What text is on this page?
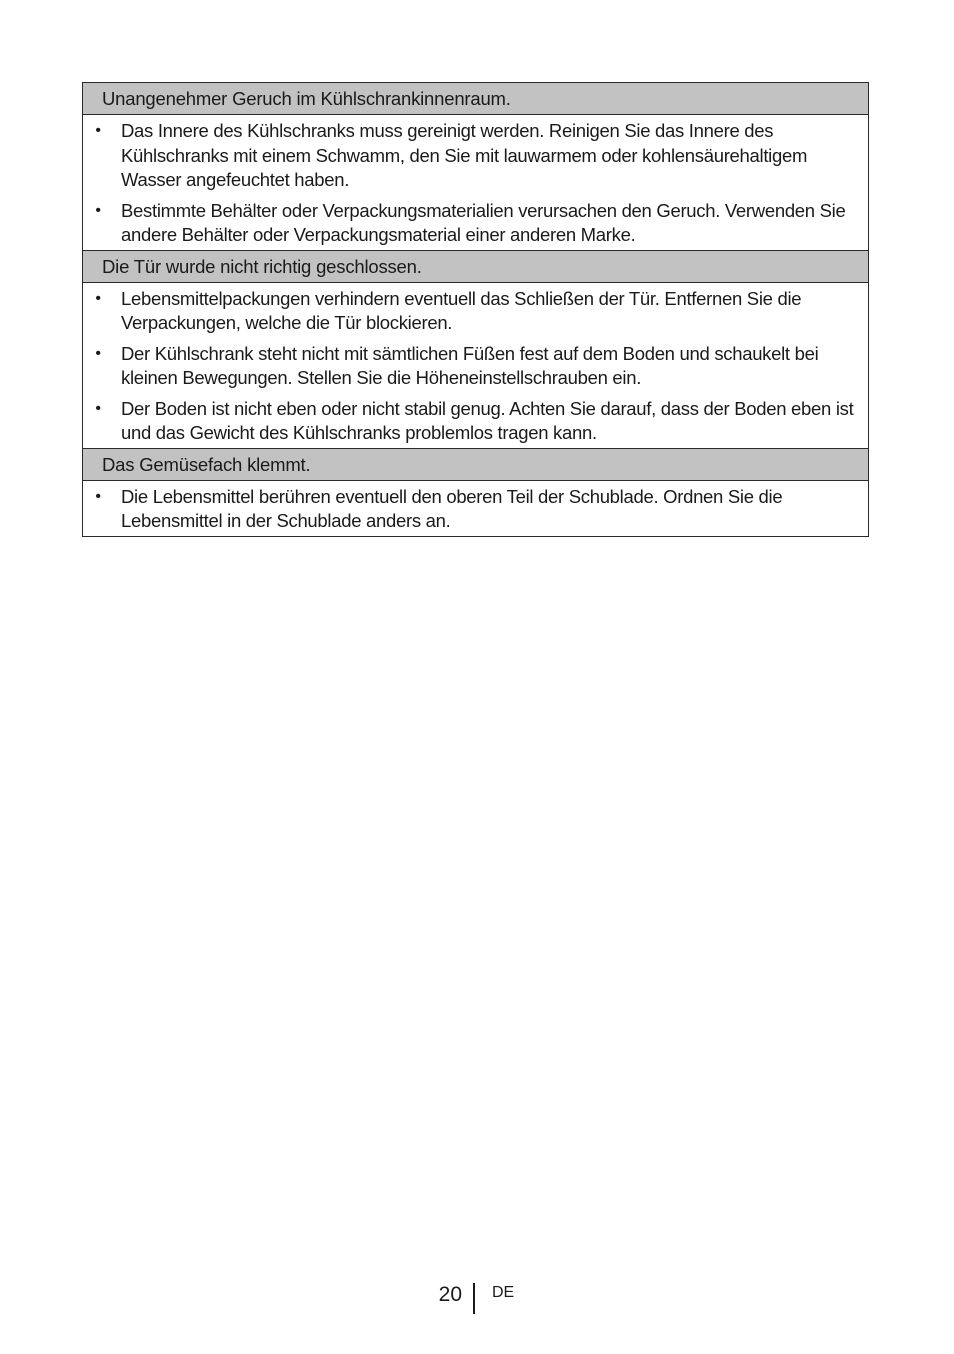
Unangenehmer Geruch im Kühlschrankinnenraum.
• Das Innere des Kühlschranks muss gereinigt werden. Reinigen Sie das Innere des Kühlschranks mit einem Schwamm, den Sie mit lauwarmem oder kohlensäurehaltigem Wasser angefeuchtet haben.
• Bestimmte Behälter oder Verpackungsmaterialien verursachen den Geruch. Verwenden Sie andere Behälter oder Verpackungsmaterial einer anderen Marke.
Die Tür wurde nicht richtig geschlossen.
• Lebensmittelpackungen verhindern eventuell das Schließen der Tür. Entfernen Sie die Verpackungen, welche die Tür blockieren.
• Der Kühlschrank steht nicht mit sämtlichen Füßen fest auf dem Boden und schaukelt bei kleinen Bewegungen. Stellen Sie die Höheneinstellschrauben ein.
• Der Boden ist nicht eben oder nicht stabil genug. Achten Sie darauf, dass der Boden eben ist und das Gewicht des Kühlschranks problemlos tragen kann.
Das Gemüsefach klemmt.
• Die Lebensmittel berühren eventuell den oberen Teil der Schublade. Ordnen Sie die Lebensmittel in der Schublade anders an.
20 DE
